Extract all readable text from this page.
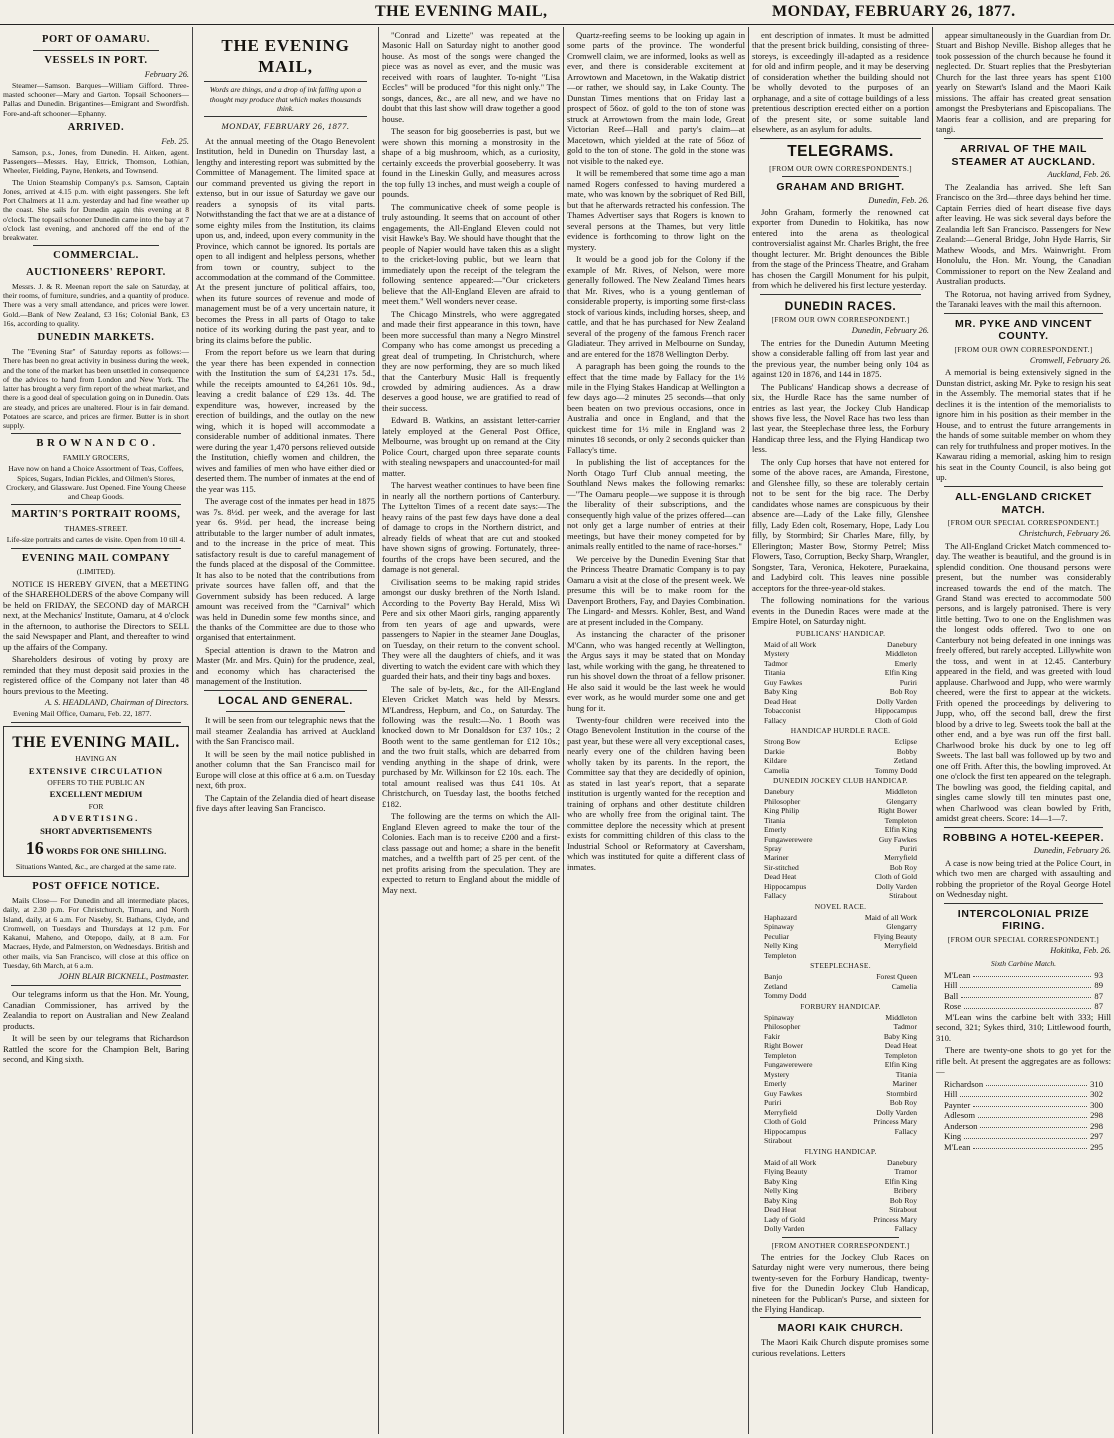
THE EVENING MAIL,	MONDAY, FEBRUARY 26, 1877.
PORT OF OAMARU.
VESSELS IN PORT.
February 26.

Steamer—Samson. Barques—William Gifford. Three-masted schooner—Mary and Garton. Topsail Schooners—Pallas and Dunedin. Brigantines—Emigrant and Swordfish. Fore-and-aft schooner—Ephanny.

ARRIVED.
Feb. 25.

Samson, p.s., Jones, from Dunedin. H. Aitken, agent. Passengers—Messrs. Hay, Ettrick, Thomson, Lothian, Wheeler, Fielding, Payne, Henkets, and Townsend.

The Union Steamship Company's p.s. Samson, Captain Jones, arrived at 4.15 p.m. with eight passengers. She left Port Chalmers at 11 a.m. yesterday and had fine weather up the coast. She sails for Dunedin again this evening at 8 o'clock. The topsail schooner Dunedin came into the bay at 7 o'clock last evening, and anchored off the end of the breakwater.

COMMERCIAL.
AUCTIONEERS' REPORT.

Messrs. J. & R. Meenan report the sale on Saturday, at their rooms, of furniture, sundries, and a quantity of produce. There was a very small attendance, and prices were lower. Gold.—Bank of New Zealand, £3 16s; Colonial Bank, £3 16s, according to quality.

DUNEDIN MARKETS.

The "Evening Star" of Saturday reports as follows:—There has been no great activity in business during the week, and the tone of the market has been unsettled in consequence of the advices to hand from London and New York. The latter has brought a very firm report of the wheat market, and there is a good deal of speculation going on in Dunedin. Oats are steady, and prices are unaltered. Flour is in fair demand. Potatoes are scarce, and prices are firmer. Butter is in short supply.

B R O W N A N D C O .
FAMILY GROCERS,

Have now on hand a Choice Assortment of Teas, Coffees, Spices, Sugars, Indian Pickles, and Oilmen's Stores, Crockery, and Glassware. Just Opened. Fine Young Cheese and Cheap Goods.

MARTIN'S PORTRAIT ROOMS,
THAMES-STREET.

Life-size portraits and cartes de visite. Open from 10 till 4.

EVENING MAIL COMPANY
(LIMITED).

NOTICE IS HEREBY GIVEN, that a MEETING of the SHAREHOLDERS of the above Company will be held on FRIDAY, the SECOND day of MARCH next, at the Mechanics' Institute, Oamaru, at 4 o'clock in the afternoon, to authorise the Directors to SELL the said Newspaper and Plant, and thereafter to wind up the affairs of the Company.

Shareholders desirous of voting by proxy are reminded that they must deposit said proxies in the registered office of the Company not later than 48 hours previous to the Meeting.

A. S. HEADLAND, Chairman of Directors.
Evening Mail Office, Oamaru, Feb. 22, 1877.
THE EVENING MAIL.
HAVING AN
EXTENSIVE CIRCULATION
OFFERS TO THE PUBLIC AN
EXCELLENT MEDIUM
FOR
ADVERTISING.
SHORT ADVERTISEMENTS
16 WORDS FOR ONE SHILLING.
Situations Wanted, &c., are charged at the same rate.
POST OFFICE NOTICE.

Mails Close— For Dunedin and all intermediate places, daily, at 2.30 p.m. For Christchurch, Timaru, and North Island, daily, at 6 a.m. For Naseby, St. Bathans, Clyde, and Cromwell, on Tuesdays and Thursdays at 12 p.m. For Kakanui, Maheno, and Otepopo, daily, at 8 a.m. For Macraes, Hyde, and Palmerston, on Wednesdays. British and other mails, via San Francisco, will close at this office on Tuesday, 6th March, at 6 a.m.

JOHN BLAIR BICKNELL, Postmaster.

Our telegrams inform us that the Hon. Mr. Young, Canadian Commissioner, has arrived by the Zealandia to report on Australian and New Zealand products.

It will be seen by our telegrams that Richardson Rattled the score for the Champion Belt, Baring second, and King sixth.

THE EVENING MAIL,
Words are things, and a drop of ink falling upon a thought may produce that which makes thousands think.
MONDAY, FEBRUARY 26, 1877.

At the annual meeting of the Otago Benevolent Institution, held in Dunedin on Thursday last, a lengthy and interesting report was submitted by the Committee of Management. The limited space at our command prevented us giving the report in extenso, but in our issue of Saturday we gave our readers a synopsis of its vital parts. Notwithstanding the fact that we are at a distance of some eighty miles from the Institution, its claims upon us, and, indeed, upon every community in the Province, which cannot be ignored. Its portals are open to all indigent and helpless persons, whether from town or country, subject to the accommodation at the command of the Committee. At the present juncture of political affairs, too, when its future sources of revenue and mode of management must be of a very uncertain nature, it becomes the Press in all parts of Otago to take notice of its working during the past year, and to bring its claims before the public.

From the report before us we learn that during the year there has been expended in connection with the Institution the sum of £4,231 17s. 5d., while the receipts amounted to £4,261 10s. 9d., leaving a credit balance of £29 13s. 4d. The expenditure was, however, increased by the erection of buildings, and the outlay on the new wing, which it is hoped will accommodate a considerable number of additional inmates. There were during the year 1,470 persons relieved outside the Institution, chiefly women and children, the wives and families of men who have either died or deserted them. The number of inmates at the end of the year was 115.

The average cost of the inmates per head in 1875 was 7s. 8½d. per week, and the average for last year 6s. 9½d. per head, the increase being attributable to the larger number of adult inmates, and to the increase in the price of meat. This satisfactory result is due to careful management of the funds placed at the disposal of the Committee. It has also to be noted that the contributions from private sources have fallen off, and that the Government subsidy has been reduced. A large amount was received from the "Carnival" which was held in Dunedin some few months since, and the thanks of the Committee are due to those who organised that entertainment.

Special attention is drawn to the Matron and Master (Mr. and Mrs. Quin) for the prudence, zeal, and economy which has characterised the management of the Institution.

LOCAL AND GENERAL.

It will be seen from our telegraphic news that the mail steamer Zealandia has arrived at Auckland with the San Francisco mail.

It will be seen by the mail notice published in another column that the San Francisco mail for Europe will close at this office at 6 a.m. on Tuesday next, 6th prox.

The Captain of the Zelandia died of heart disease five days after leaving San Francisco.

"Conrad and Lizette" was repeated at the Masonic Hall on Saturday night to another good house. As most of the songs were changed the piece was as novel as ever, and the music was received with roars of laughter. To-night "Lisa Eccles" will be produced "for this night only." The songs, dances, &c., are all new, and we have no doubt that this last show will draw together a good house.

The season for big gooseberries is past, but we were shown this morning a monstrosity in the shape of a big mushroom, which, as a curiosity, certainly exceeds the proverbial gooseberry. It was found in the Lineskin Gully, and measures across the top fully 13 inches, and must weigh a couple of pounds.

The communicative cheek of some people is truly astounding. It seems that on account of other engagements, the All-England Eleven could not visit Hawke's Bay. We should have thought that the people of Napier would have taken this as a slight to the cricket-loving public, but we learn that immediately upon the receipt of the telegram the following sentence appeared:—"Our cricketers believe that the All-England Eleven are afraid to meet them." Well wonders never cease.

The Chicago Minstrels, who were aggregated and made their first appearance in this town, have been more successful than many a Negro Minstrel Company who has come amongst us preceding a great deal of trumpeting. In Christchurch, where they are now performing, they are so much liked that the Canterbury Music Hall is frequently crowded by admiring audiences. As a draw deserves a good house, we are gratified to read of their success.

Edward B. Watkins, an assistant letter-carrier lately employed at the General Post Office, Melbourne, was brought up on remand at the City Police Court, charged upon three separate counts with stealing newspapers and unaccounted-for mail matter.

The harvest weather continues to have been fine in nearly all the northern portions of Canterbury. The Lyttelton Times of a recent date says:—The heavy rains of the past few days have done a deal of damage to crops in the Northern district, and already fields of wheat that are cut and stooked have shown signs of growing. Fortunately, three-fourths of the crops have been secured, and the damage is not general.

Civilisation seems to be making rapid strides amongst our dusky brethren of the North Island. According to the Poverty Bay Herald, Miss Wi Pere and six other Maori girls, ranging apparently from ten years of age and upwards, were passengers to Napier in the steamer Jane Douglas, on Tuesday, on their return to the convent school. They were all the daughters of chiefs, and it was diverting to watch the evident care with which they guarded their hats, and their tiny bags and boxes.

The sale of by-lets, &c., for the All-England Eleven Cricket Match was held by Messrs. M'Landress, Hepburn, and Co., on Saturday. The following was the result:—No. 1 Booth was knocked down to Mr Donaldson for £37 10s.; 2 Booth went to the same gentleman for £12 10s.; and the two fruit stalls, which are debarred from vending anything in the shape of drink, were purchased by Mr. Wilkinson for £2 10s. each. The total amount realised was thus £41 10s. At Christchurch, on Tuesday last, the booths fetched £182.

The following are the terms on which the All-England Eleven agreed to make the tour of the Colonies. Each man is to receive £200 and a first-class passage out and home; a share in the benefit matches, and a twelfth part of 25 per cent. of the net profits arising from the speculation. They are expected to return to England about the middle of May next.

Quartz-reefing seems to be looking up again in some parts of the province. The wonderful Cromwell claim, we are informed, looks as well as ever, and there is considerable excitement at Arrowtown and Macetown, in the Wakatip district—or rather, we should say, in Lake County. The Dunstan Times mentions that on Friday last a prospect of 56oz. of gold to the ton of stone was struck at Arrowtown from the main lode, Great Victorian Reef—Hall and party's claim—at Macetown, which yielded at the rate of 56oz of gold to the ton of stone. The gold in the stone was not visible to the naked eye.

It will be remembered that some time ago a man named Rogers confessed to having murdered a mate, who was known by the sobriquet of Red Bill, but that he afterwards retracted his confession. The Thames Advertiser says that Rogers is known to several persons at the Thames, but very little evidence is forthcoming to throw light on the mystery.

It would be a good job for the Colony if the example of Mr. Rives, of Nelson, were more generally followed. The New Zealand Times hears that Mr. Rives, who is a young gentleman of considerable property, is importing some first-class stock of various kinds, including horses, sheep, and cattle, and that he has purchased for New Zealand several of the progeny of the famous French racer Gladiateur. They arrived in Melbourne on Sunday, and are entered for the 1878 Wellington Derby.

A paragraph has been going the rounds to the effect that the time made by Fallacy for the 1½ mile in the Flying Stakes Handicap at Wellington a few days ago—2 minutes 25 seconds—that only been beaten on two previous occasions, once in Australia and once in England, and that the quickest time for 1½ mile in England was 2 minutes 18 seconds, or only 2 seconds quicker than Fallacy's time.

In publishing the list of acceptances for the North Otago Turf Club annual meeting, the Southland News makes the following remarks:—"The Oamaru people—we suppose it is through the liberality of their subscriptions, and the consequently high value of the prizes offered—can not only get a large number of entries at their meetings, but have their money competed for by animals really entitled to the name of race-horses."

We perceive by the Dunedin Evening Star that the Princess Theatre Dramatic Company is to pay Oamaru a visit at the close of the present week. We presume this will be to make room for the Davenport Brothers, Fay, and Dayies Combination. The Lingard- and Messrs. Kohler, Best, and Wand are at present included in the Company.

As instancing the character of the prisoner M'Cann, who was hanged recently at Wellington, the Argus says it may be stated that on Monday last, while working with the gang, he threatened to run his shovel down the throat of a fellow prisoner. He also said it would be the last week he would ever work, as he would murder some one and get hung for it.

Twenty-four children were received into the Otago Benevolent Institution in the course of the past year, but these were all very exceptional cases, nearly every one of the children having been wholly taken by its parents. In the report, the Committee say that they are decidedly of opinion, as stated in last year's report, that a separate institution is urgently wanted for the reception and training of orphans and other destitute children who are wholly free from the original taint. The committee deplore the necessity which at present exists for committing children of this class to the Industrial School or Reformatory at Caversham, which was instituted for quite a different class of inmates.

ent description of inmates. It must be admitted that the present brick building, consisting of three-storeys, is exceedingly ill-adapted as a residence for old and infirm people, and it may be deserving of consideration whether the building should not be wholly devoted to the purposes of an orphanage, and a site of cottage buildings of a less pretentious description erected either on a portion of the present site, or some suitable land elsewhere, as an asylum for adults.

TELEGRAMS.
[FROM OUR OWN CORRESPONDENTS.]
GRAHAM AND BRIGHT.
Dunedin, Feb. 26.

John Graham, formerly the renowned cat exporter from Dunedin to Hokitika, has now entered into the arena as theological controversialist against Mr. Charles Bright, the free thought lecturer. Mr. Bright denounces the Bible from the stage of the Princess Theatre, and Graham has chosen the Cargill Monument for his pulpit, from which he delivered his first lecture yesterday.

DUNEDIN RACES.
[FROM OUR OWN CORRESPONDENT.]
Dunedin, February 26.

The entries for the Dunedin Autumn Meeting show a considerable falling off from last year and the previous year, the number being only 104 as against 120 in 1876, and 144 in 1875.

The Publicans' Handicap shows a decrease of six, the Hurdle Race has the same number of entries as last year, the Jockey Club Handicap shows five less, the Novel Race has two less than last year, the Steeplechase three less, the Forbury Handicap three less, and the Flying Handicap two less.

The only Cup horses that have not entered for some of the above races, are Amanda, Firestone, and Glenshee filly, so these are tolerably certain not to be sent for the big race. The Derby candidates whose names are conspicuous by their absence are—Lady of the Lake filly, Glenshee filly, Lady Eden colt, Rosemary, Hope, Lady Lou filly, by Stormbird; Sir Charles Mare, filly, by Ellerington; Master Bow, Stormy Petrel; Miss Flowers, Taso, Corruption, Becky Sharp, Wrangler, Songster, Tara, Veronica, Hekotere, Puraekaina, and Ladybird colt. This leaves nine possible acceptors for the three-year-old stakes.

The following nominations for the various events in the Dunedin Races were made at the Empire Hotel, on Saturday night.

PUBLICANS' HANDICAP.
Maid of all Work	Danebury
Mystery	Middleton
Tadmor	Emerly
Titania	Elfin King
Guy Fawkes	Puriri
Baby King	Bob Roy
Dead Heat	Dolly Varden
Tobacconist	Hippocampus
Fallacy	Cloth of Gold
HANDICAP HURDLE RACE.
Strong Bow	Eclipse
Darkie	Bobby
Kildare	Zetland
Camelia	Tommy Dodd
DUNEDIN JOCKEY CLUB HANDICAP.
Danebury	Middleton
Philosopher	Glengarry
King Philip	Right Bower
Titania	Templeton
Emerly	Elfin King
Fungawerewere	Guy Fawkes
Spray	Puriri
Mariner	Merryfield
Sir-stitched	Bob Roy
Dead Heat	Cloth of Gold
Hippocampus	Dolly Varden
Fallacy	Stirabout
NOVEL RACE.
Haphazard	Maid of all Work
Spinaway	Glengarry
Peculiar	Flying Beauty
Nelly King	Merryfield
Templeton
STEEPLECHASE.
Banjo	Forest Queen
Zetland	Camelia
Tommy Dodd
FORBURY HANDICAP.
Spinaway	Middleton
Philosopher	Tadmor
Fakir	Baby King
Right Bower	Dead Heat
Templeton	Templeton
Fungawerewere	Elfin King
Mystery	Titania
Emerly	Mariner
Guy Fawkes	Stormbird
Puriri	Bob Roy
Merryfield	Dolly Varden
Cloth of Gold	Princess Mary
Hippocampus	Fallacy
Stirabout
FLYING HANDICAP.
Maid of all Work	Danebury
Flying Beauty	Tramor
Baby King	Elfin King
Nelly King	Bribery
Baby King	Bob Roy
Dead Heat	Stirabout
Lady of Gold	Princess Mary
Dolly Varden	Fallacy
[FROM ANOTHER CORRESPONDENT.]

The entries for the Jockey Club Races on Saturday night were very numerous, there being twenty-seven for the Forbury Handicap, twenty-five for the Dunedin Jockey Club Handicap, nineteen for the Publican's Purse, and sixteen for the Flying Handicap.

MAORI KAIK CHURCH.

The Maori Kaik Church dispute promises some curious revelations. Letters

appear simultaneously in the Guardian from Dr. Stuart and Bishop Neville. Bishop alleges that he took possession of the church because he found it neglected. Dr. Stuart replies that the Presbyterian Church for the last three years has spent £100 yearly on Stewart's Island and the Maori Kaik missions. The affair has created great sensation amongst the Presbyterians and Episcopalians. The Maoris fear a collision, and are preparing for tangi.

ARRIVAL OF THE MAIL STEAMER AT AUCKLAND.
Auckland, Feb. 26.

The Zealandia has arrived. She left San Francisco on the 3rd—three days behind her time. Captain Ferries died of heart disease five days after leaving. He was sick several days before the Zealandia left San Francisco. Passengers for New Zealand:—General Bridge, John Hyde Harris, Sir Mathew Woods, and Mrs. Wainwright. From Honolulu, the Hon. Mr. Young, the Canadian Commissioner to report on the New Zealand and Australian products.

The Rotorua, not having arrived from Sydney, the Taranaki leaves with the mail this afternoon.

MR. PYKE AND VINCENT COUNTY.
[FROM OUR OWN CORRESPONDENT.]
Cromwell, February 26.

A memorial is being extensively signed in the Dunstan district, asking Mr. Pyke to resign his seat in the Assembly. The memorial states that if he declines it is the intention of the memorialists to ignore him in his position as their member in the House, and to entrust the future arrangements in the hands of some suitable member on whom they can rely for truthfulness and proper motives. In the Kawarau riding a memorial, asking him to resign his seat in the County Council, is also being got up.

ALL-ENGLAND CRICKET MATCH.
[FROM OUR SPECIAL CORRESPONDENT.]
Christchurch, February 26.

The All-England Cricket Match commenced to-day. The weather is beautiful, and the ground is in splendid condition. One thousand persons were present, but the number was considerably increased towards the end of the match. The Grand Stand was erected to accommodate 500 persons, and is largely patronised. There is very little betting. Two to one on the Englishmen was the longest odds offered. Two to one on Canterbury not being defeated in one innings was freely offered, but rarely accepted. Lillywhite won the toss, and went in at 12.45. Canterbury appeared in the field, and was greeted with loud applause. Charlwood and Jupp, who were warmly cheered, were the first to appear at the wickets. Frith opened the proceedings by delivering to Jupp, who, off the second ball, drew the first blood by a drive to leg. Sweets took the ball at the other end, and a bye was run off the first ball. Charlwood broke his duck by one to leg off Sweets. The last ball was followed up by two and one off Frith. After this, the bowling improved. At one o'clock the first ten appeared on the telegraph. The bowling was good, the fielding capital, and singles came slowly till ten minutes past one, when Charlwood was clean bowled by Frith, amidst great cheers. Score: 14—1—7.

ROBBING A HOTEL-KEEPER.
Dunedin, February 26.

A case is now being tried at the Police Court, in which two men are charged with assaulting and robbing the proprietor of the Royal George Hotel on Wednesday night.

INTERCOLONIAL PRIZE FIRING.
[FROM OUR SPECIAL CORRESPONDENT.]
Hokitika, Feb. 26.
Sixth Carbine Match.
M'Lean	93
Hill	89
Ball	87
Rose	87

M'Lean wins the carbine belt with 333; Hill second, 321; Sykes third, 310; Littlewood fourth, 310.

There are twenty-one shots to go yet for the rifle belt. At present the aggregates are as follows:—

Richardson	310
Hill	302
Paynter	300
Adlesom	298
Anderson	298
King	297
M'Lean	295
